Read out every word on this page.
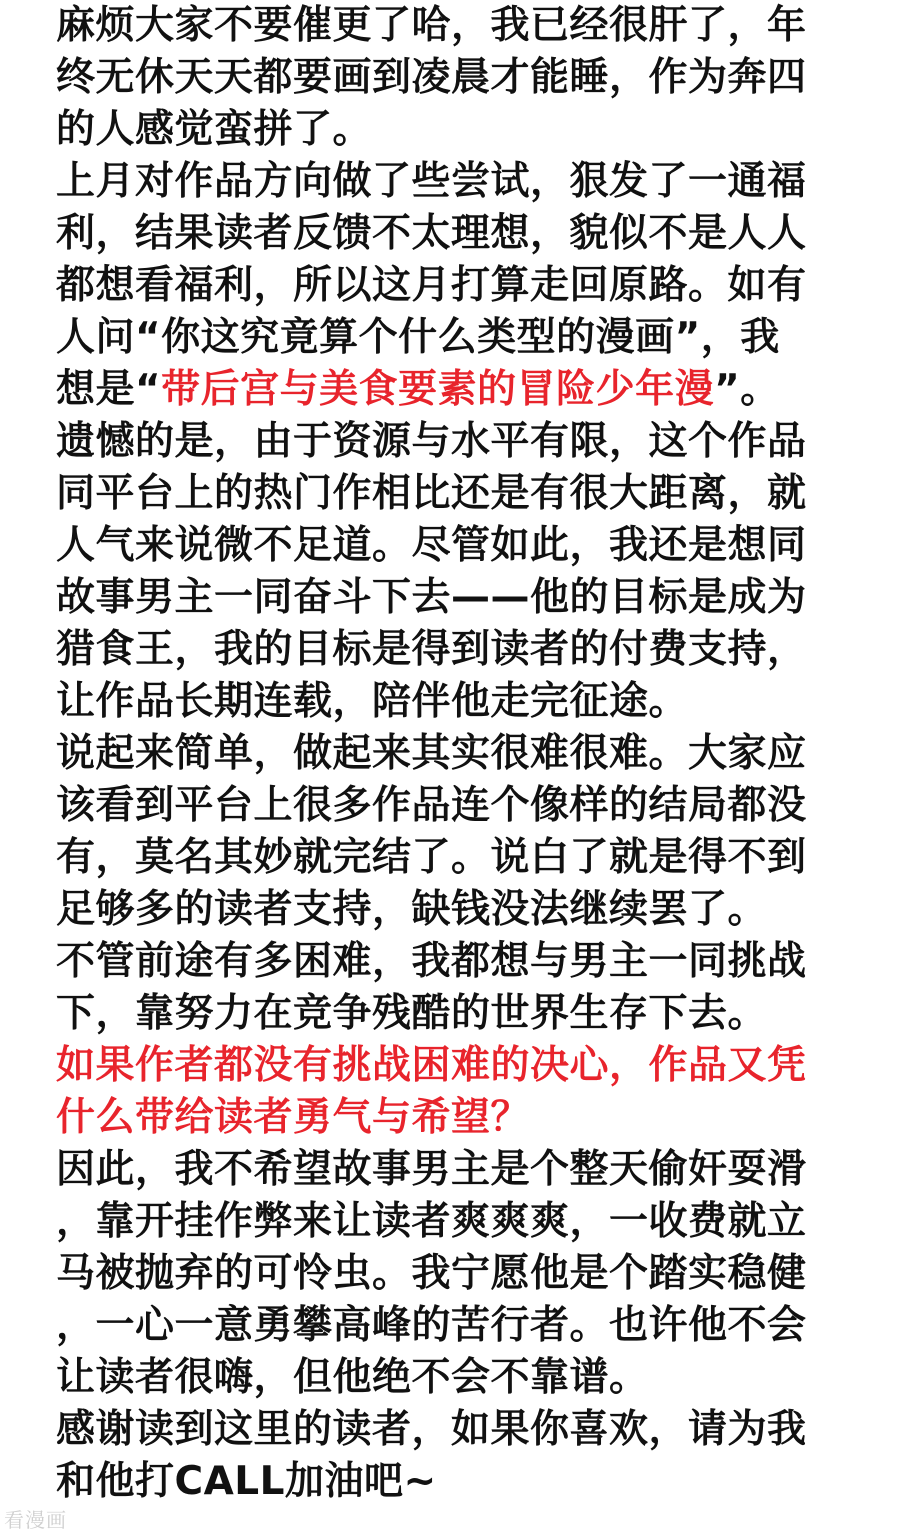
麻烦大家不要催更了哈，我已经很肝了，年
终无休天天都要画到凌晨才能睡，作为奔四
的人感觉蛮拼了。
上月对作品方向做了些尝试，狠发了一通福
利，结果读者反馈不太理想，貌似不是人人
都想看福利，所以这月打算走回原路。如有
人问“你这究竟算个什么类型的漫画”，我
想是“带后宫与美食要素的冒险少年漫”。
遗憾的是，由于资源与水平有限，这个作品
同平台上的热门作相比还是有很大距离，就
人气来说微不足道。尽管如此，我还是想同
故事男主一同奋斗下去——他的目标是成为
猎食王，我的目标是得到读者的付费支持，
让作品长期连载，陪伴他走完征途。
说起来简单，做起来其实很难很难。大家应
该看到平台上很多作品连个像样的结局都没
有，莫名其妙就完结了。说白了就是得不到
足够多的读者支持，缺钱没法继续罢了。
不管前途有多困难，我都想与男主一同挑战
下，靠努力在竞争残酷的世界生存下去。
如果作者都没有挑战困难的决心，作品又凭
什么带给读者勇气与希望？
因此，我不希望故事男主是个整天偷奸耍滑
，靠开挂作弊来让读者爽爽爽，一收费就立
马被抛弃的可怜虫。我宁愿他是个踏实稳健
，一心一意勇攀高峰的苦行者。也许他不会
让读者很嗨，但他绝不会不靠谱。
感谢读到这里的读者，如果你喜欢，请为我
和他打CALL加油吧~
看漫画
